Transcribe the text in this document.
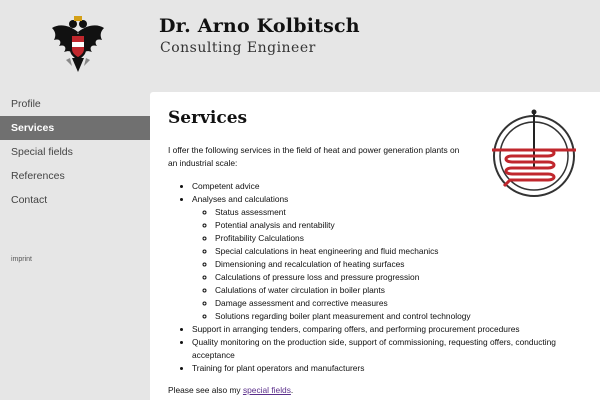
Dr. Arno Kolbitsch
Consulting Engineer
Profile
Services
Special fields
References
Contact
imprint
Services

I offer the following services in the field of heat and power generation plants on an industrial scale:

• Competent advice
• Analyses and calculations
◦ Status assessment
◦ Potential analysis and rentability
◦ Profitability Calculations
◦ Special calculations in heat engineering and fluid mechanics
◦ Dimensioning and recalculation of heating surfaces
◦ Calculations of pressure loss and pressure progression
◦ Calulations of water circulation in boiler plants
◦ Damage assessment and corrective measures
◦ Solutions regarding boiler plant measurement and control technology
• Support in arranging tenders, comparing offers, and performing procurement procedures
• Quality monitoring on the production side, support of commissioning, requesting offers, conducting acceptance
• Training for plant operators and manufacturers

Please see also my special fields.
